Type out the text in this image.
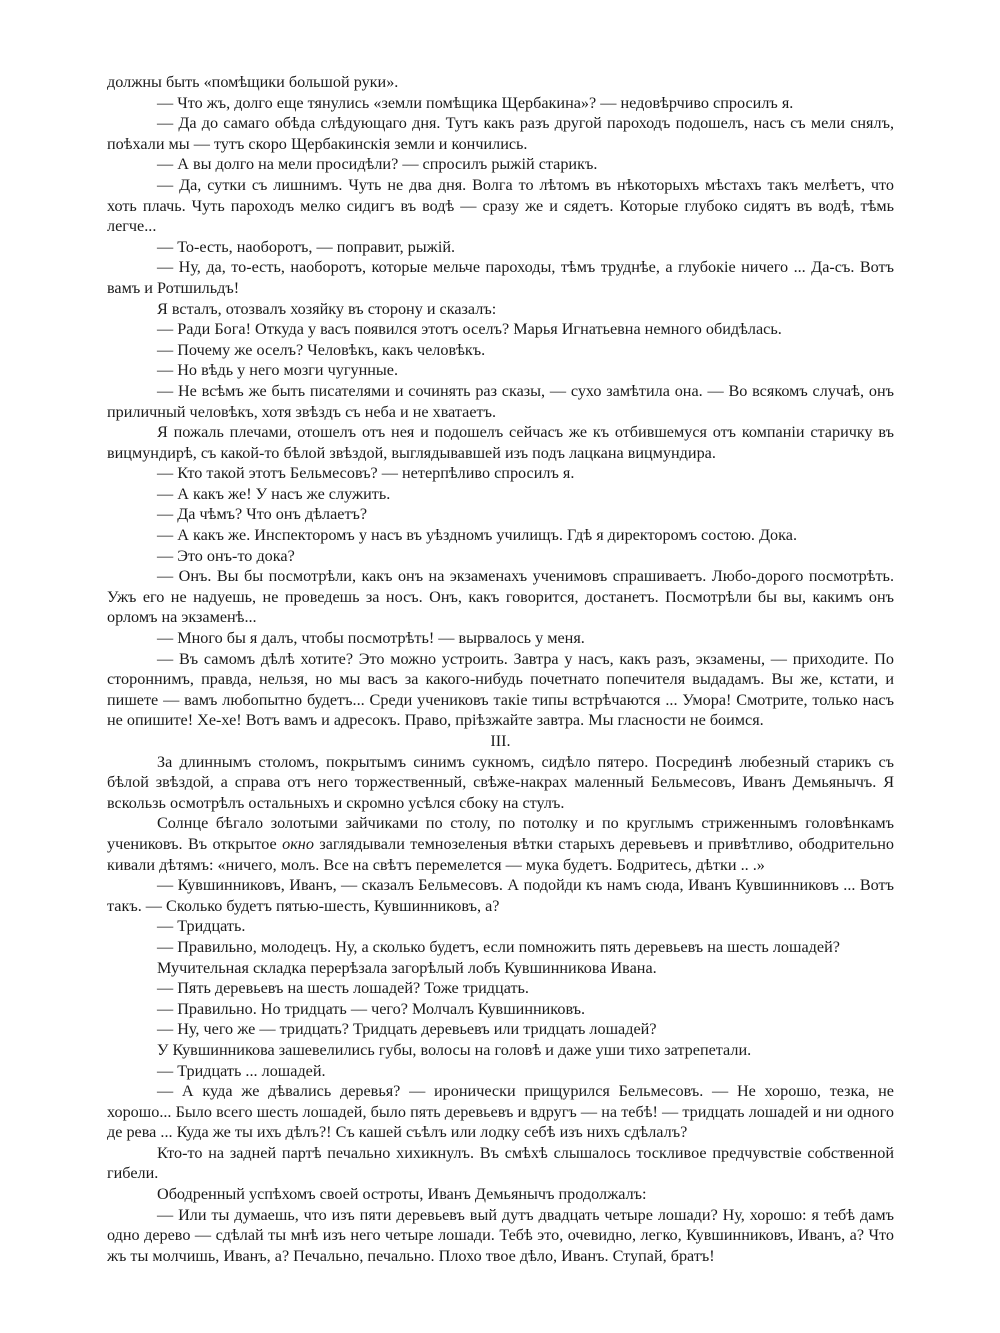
должны быть «помѣщики большой руки».

— Что жъ, долго еще тянулись «земли помѣщика Щербакина»? — недовѣрчиво спросилъ я.

— Да до самаго обѣда слѣдующаго дня. Тутъ какъ разъ другой пароходъ подошелъ, насъ съ мели снялъ, поѣхали мы — тутъ скоро Щербакинскія земли и кончились.

— А вы долго на мели просидѣли? — спросилъ рыжій старикъ.

— Да, сутки съ лишнимъ. Чуть не два дня. Волга то лѣтомъ въ нѣкоторыхъ мѣстахъ такъ мелѣетъ, что хоть плачь. Чуть пароходъ мелко сидигъ въ водѣ — сразу же и сядетъ. Которые глубоко сидятъ въ водѣ, тѣмь легче...

— То-есть, наоборотъ, — поправит, рыжій.

— Ну, да, то-есть, наоборотъ, которые мельче пароходы, тѣмъ труднѣе, а глубокіе ничего ... Да-съ. Вотъ вамъ и Ротшильдъ!

Я всталъ, отозвалъ хозяйку въ сторону и сказалъ:

— Ради Бога! Откуда у васъ появился этотъ оселъ? Марья Игнатьевна немного обидѣлась.

— Почему же оселъ? Человѣкъ, какъ человѣкъ.

— Но вѣдь у него мозги чугунные.

— Не всѣмъ же быть писателями и сочинять раз сказы, — сухо замѣтила она. — Во всякомъ случаѣ, онъ приличный человѣкъ, хотя звѣздъ съ неба и не хватаетъ.

Я пожаль плечами, отошелъ отъ нея и подошелъ сейчасъ же къ отбившемуся отъ компаніи старичку въ вицмундирѣ, съ какой-то бѣлой звѣздой, выглядывавшей изъ подъ лацкана вицмундира.

— Кто такой этотъ Бельмесовъ? — нетерпѣливо спросилъ я.

— А какъ же! У насъ же служить.

— Да чѣмъ? Что онъ дѣлаетъ?

— А какъ же. Инспекторомъ у насъ въ уѣздномъ училищъ. Гдѣ я директоромъ состою. Дока.

— Это онъ-то дока?

— Онъ. Вы бы посмотрѣли, какъ онъ на экзаменахъ ученимовъ спрашиваетъ. Любо-дорого посмотрѣть. Ужъ его не надуешь, не проведешь за носъ. Онъ, какъ говорится, достанетъ. Посмотрѣли бы вы, какимъ онъ орломъ на экзаменѣ...

— Много бы я далъ, чтобы посмотрѣть! — вырвалось у меня.

— Въ самомъ дѣлѣ хотите? Это можно устроить. Завтра у насъ, какъ разъ, экзамены, — приходите. По стороннимъ, правда, нельзя, но мы васъ за какого-нибудь почетнато попечителя выдадамъ. Вы же, кстати, и пишете — вамъ любопытно будетъ... Среди учениковъ такіе типы встрѣчаются ... Умора! Смотрите, только насъ не опишите! Хе-хе! Вотъ вамъ и адресокъ. Право, пріѣзжайте завтра. Мы гласности не боимся.

III.

За длиннымъ столомъ, покрытымъ синимъ сукномъ, сидѣло пятеро. Посрединѣ любезный старикъ съ бѣлой звѣздой, а справа отъ него торжественный, свѣже-накрах маленный Бельмесовъ, Иванъ Демьянычъ. Я вскользь осмотрѣлъ остальныхъ и скромно усѣлся сбоку на стулъ.

Солнце бѣгало золотыми зайчиками по столу, по потолку и по круглымъ стриженнымъ головѣнкамъ учениковъ. Въ открытое окно заглядывали темнозеленыя вѣтки старыхъ деревьевъ и привѣтливо, ободрительно кивали дѣтямъ: «ничего, молъ. Все на свѣтъ перемелется — мука будетъ. Бодритесь, дѣтки .. .»

— Кувшинниковъ, Иванъ, — сказалъ Бельмесовъ. А подойди къ намъ сюда, Иванъ Кувшинниковъ ... Вотъ такъ. — Сколько будетъ пятью-шесть, Кувшинниковъ, а?

— Тридцать.

— Правильно, молодецъ. Ну, а сколько будетъ, если помножить пять деревьевъ на шесть лошадей?

Мучительная складка перерѣзала загорѣлый лобъ Кувшинникова Ивана.

— Пять деревьевъ на шесть лошадей? Тоже тридцать.

— Правильно. Но тридцать — чего? Молчалъ Кувшинниковъ.

— Ну, чего же — тридцать? Тридцать деревьевъ или тридцать лошадей?

У Кувшинникова зашевелились губы, волосы на головѣ и даже уши тихо затрепетали.

— Тридцать ... лошадей.

— А куда же дѣвались деревья? — иронически прищурился Бельмесовъ. — Не хорошо, тезка, не хорошо... Было всего шесть лошадей, было пять деревьевъ и вдругъ — на тебѣ! — тридцать лошадей и ни одного де рева ... Куда же ты ихъ дѣлъ?! Съ кашей съѣлъ или лодку себѣ изъ нихъ сдѣлалъ?

Кто-то на задней партѣ печально хихикнулъ. Въ смѣхѣ слышалось тоскливое предчувствіе собственной гибели.

Ободренный успѣхомъ своей остроты, Иванъ Демьянычъ продолжалъ:

— Или ты думаешь, что изъ пяти деревьевъ вый дутъ двадцать четыре лошади? Ну, хорошо: я тебѣ дамъ одно дерево — сдѣлай ты мнѣ изъ него четыре лошади. Тебѣ это, очевидно, легко, Кувшинниковъ, Иванъ, а? Что жъ ты молчишь, Иванъ, а? Печально, печально. Плохо твое дѣло, Иванъ. Ступай, братъ!
